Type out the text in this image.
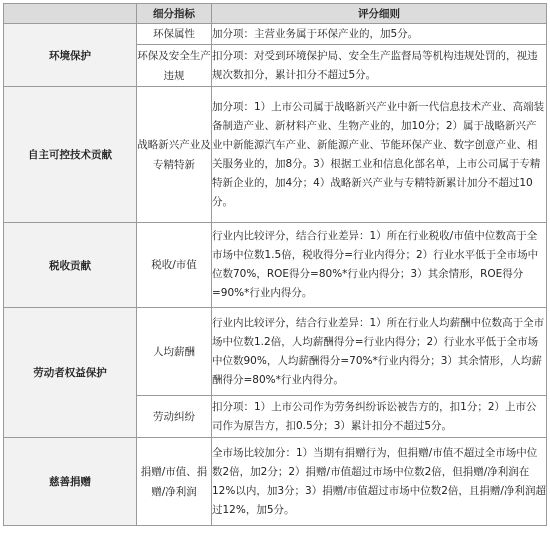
	细分指标	评分细则
环境保护	环保属性	加分项：主营业务属于环保产业的，加5分。
	环保及安全生产违规	扣分项：对受到环境保护局、安全生产监督局等机构违规处罚的，视违规次数扣分，累计扣分不超过5分。
自主可控技术贡献	战略新兴产业及专精特新	加分项：1）上市公司属于战略新兴产业中新一代信息技术产业、高端装备制造产业、新材料产业、生物产业的，加10分；2）属于战略新兴产业中新能源汽车产业、新能源产业、节能环保产业、数字创意产业、相关服务业的，加8分。3）根据工业和信息化部名单，上市公司属于专精特新企业的，加4分；4）战略新兴产业与专精特新累计加分不超过10分。
税收贡献	税收/市值	行业内比较评分，结合行业差异：1）所在行业税收/市值中位数高于全市场中位数1.5倍，税收得分=行业内得分；2）行业水平低于全市场中位数70%，ROE得分=80%*行业内得分；3）其余情形，ROE得分=90%*行业内得分。
劳动者权益保护	人均薪酬	行业内比较评分，结合行业差异：1）所在行业人均薪酬中位数高于全市场中位数1.2倍，人均薪酬得分=行业内得分；2）行业水平低于全市场中位数90%，人均薪酬得分=70%*行业内得分；3）其余情形，人均薪酬得分=80%*行业内得分。
	劳动纠纷	扣分项：1）上市公司作为劳务纠纷诉讼被告方的，扣1分；2）上市公司作为原告方，扣0.5分；3）累计扣分不超过5分。
慈善捐赠	捐赠/市值、捐赠/净利润	全市场比较加分：1）当期有捐赠行为，但捐赠/市值不超过全市场中位数2倍，加2分；2）捐赠/市值超过市场中位数2倍，但捐赠/净利润在12%以内，加3分；3）捐赠/市值超过市场中位数2倍，且捐赠/净利润超过12%，加5分。
